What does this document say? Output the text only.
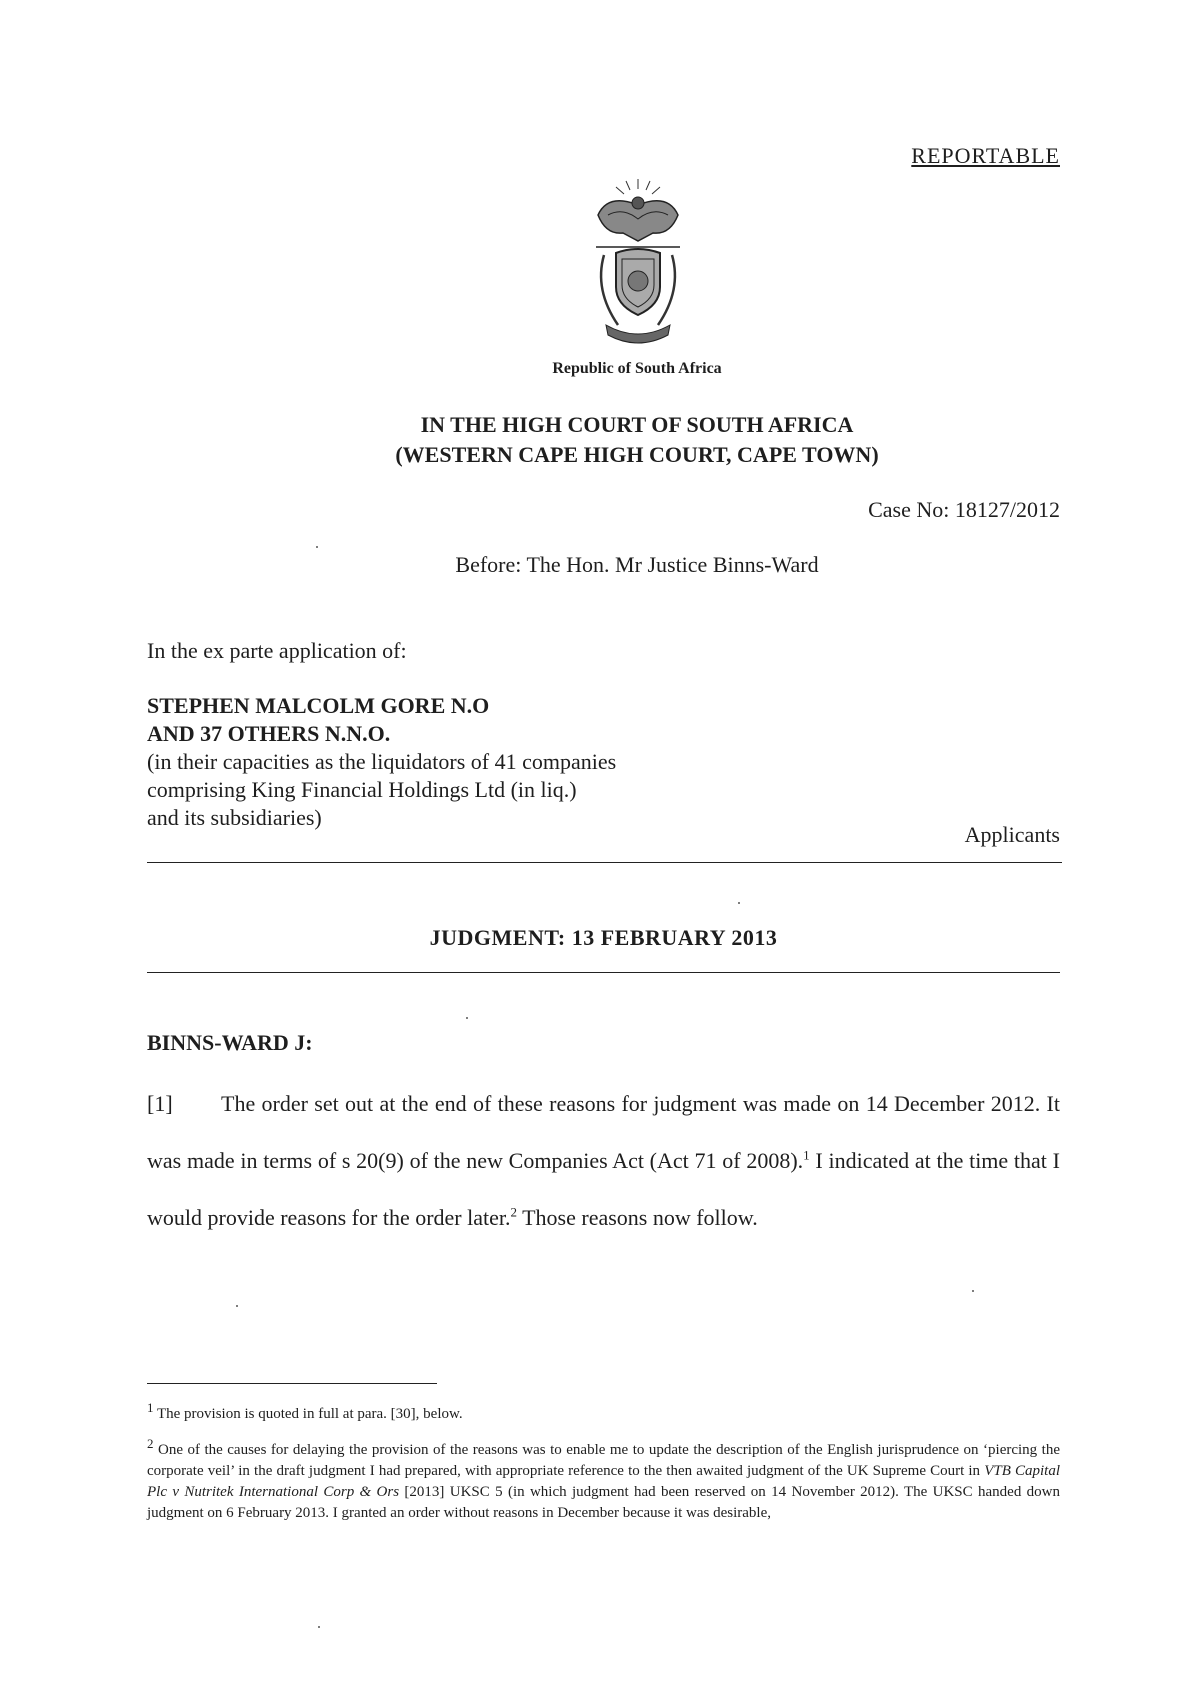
REPORTABLE
Republic of South Africa
IN THE HIGH COURT OF SOUTH AFRICA
(WESTERN CAPE HIGH COURT, CAPE TOWN)
Case No: 18127/2012
Before: The Hon. Mr Justice Binns-Ward
In the ex parte application of:
STEPHEN MALCOLM GORE N.O
AND 37 OTHERS N.N.O.
(in their capacities as the liquidators of 41 companies
comprising King Financial Holdings Ltd (in liq.)
and its subsidiaries)
Applicants
JUDGMENT: 13 FEBRUARY 2013
BINNS-WARD J:
[1] The order set out at the end of these reasons for judgment was made on 14 December 2012. It was made in terms of s 20(9) of the new Companies Act (Act 71 of 2008).$^1$ I indicated at the time that I would provide reasons for the order later.$^2$ Those reasons now follow.
$^1$ The provision is quoted in full at para. [30], below.
$^2$ One of the causes for delaying the provision of the reasons was to enable me to update the description of the English jurisprudence on ‘piercing the corporate veil’ in the draft judgment I had prepared, with appropriate reference to the then awaited judgment of the UK Supreme Court in VTB Capital Plc v Nutritek International Corp & Ors [2013] UKSC 5 (in which judgment had been reserved on 14 November 2012). The UKSC handed down judgment on 6 February 2013. I granted an order without reasons in December because it was desirable,
